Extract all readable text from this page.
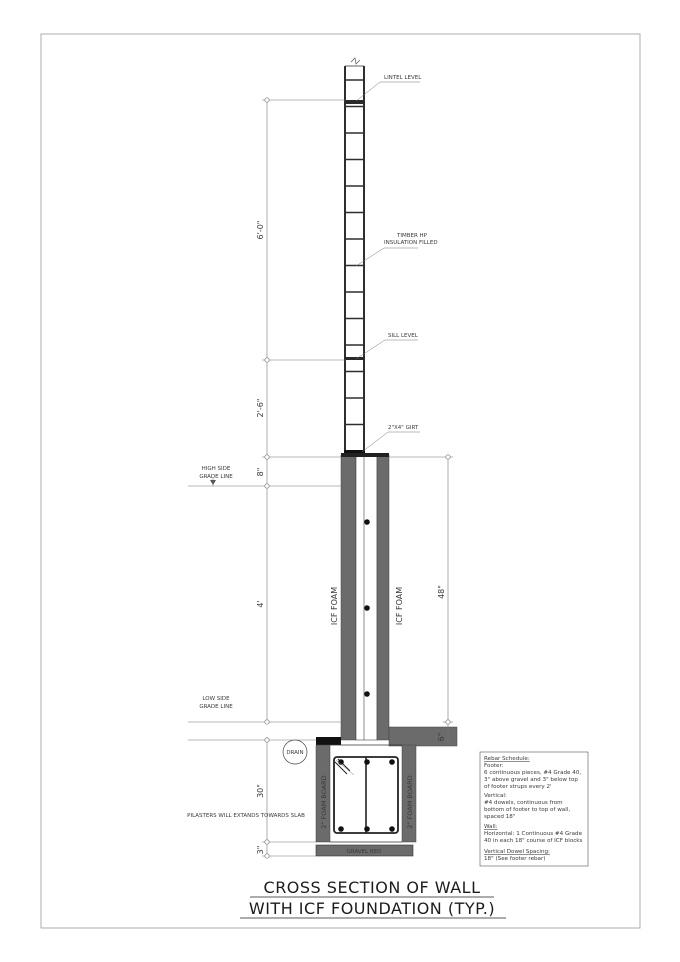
6'-0"
2'-6"
8"
4'
30"
3"
48"
6"
ICF FOAM	ICF FOAM
2" FOAM BOARD	2" FOAM BOARD
GRAVEL BED
DRAIN
HIGH SIDE
GRADE LINE
LOW SIDE
GRADE LINE
PILASTERS WILL EXTANDS TOWARDS SLAB
LINTEL LEVEL
TIMBER HP
INSULATION FILLED
SILL LEVEL
2"X4" GIRT
Rebar Schedule:
Footer:
6 continuous pieces, #4 Grade 40,
3" above gravel and 3" below top
of footer strups every 2'
Vertical:
#4 dowels, continuous from
bottom of footer to top of wall,
spaced 18"
Wall:
Horizontal: 1 Continuous #4 Grade
40 in each 18" course of ICF blocks
Vertical Dowel Spacing:
18" (See footer rebar)
CROSS SECTION OF WALL
WITH ICF FOUNDATION (TYP.)
